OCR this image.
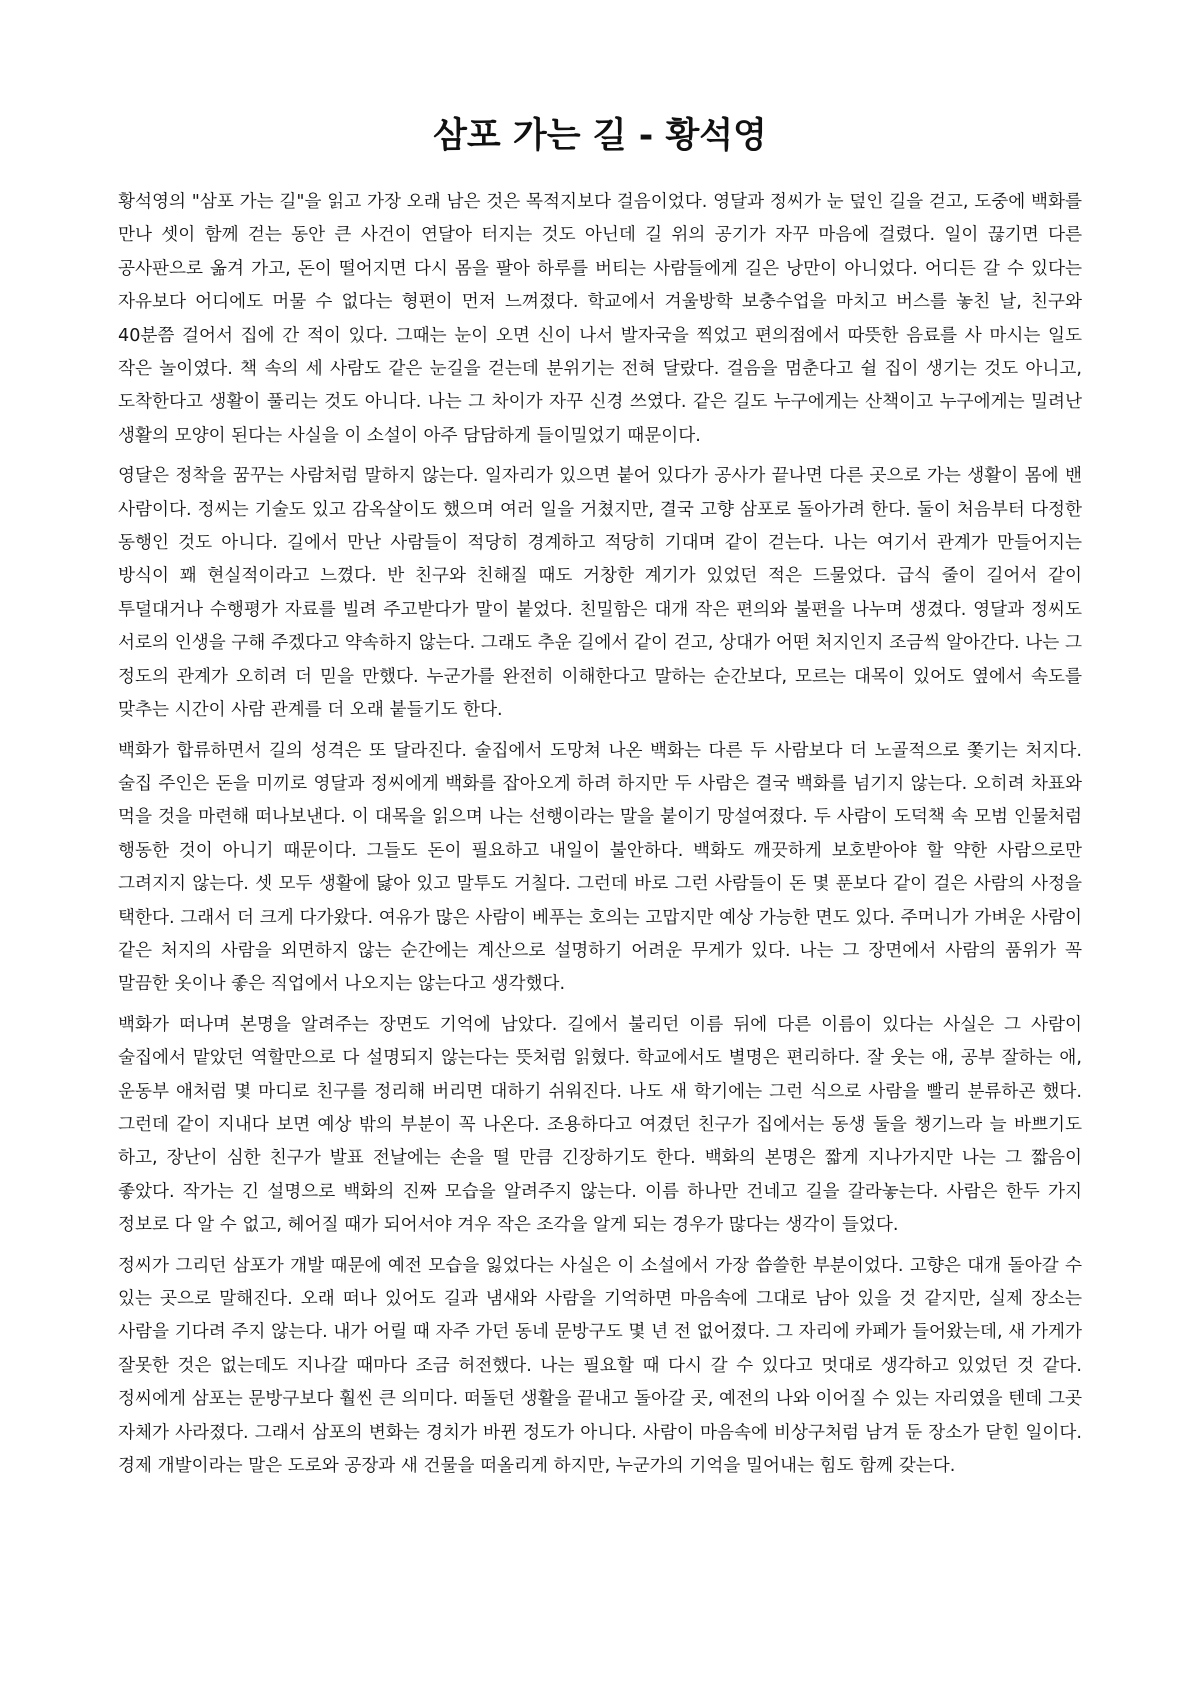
삼포 가는 길 - 황석영

황석영의 "삼포 가는 길"을 읽고 가장 오래 남은 것은 목적지보다 걸음이었다. 영달과 정씨가 눈 덮인 길을 걷고, 도중에 백화를 만나 셋이 함께 걷는 동안 큰 사건이 연달아 터지는 것도 아닌데 길 위의 공기가 자꾸 마음에 걸렸다. 일이 끊기면 다른 공사판으로 옮겨 가고, 돈이 떨어지면 다시 몸을 팔아 하루를 버티는 사람들에게 길은 낭만이 아니었다. 어디든 갈 수 있다는 자유보다 어디에도 머물 수 없다는 형편이 먼저 느껴졌다. 학교에서 겨울방학 보충수업을 마치고 버스를 놓친 날, 친구와 40분쯤 걸어서 집에 간 적이 있다. 그때는 눈이 오면 신이 나서 발자국을 찍었고 편의점에서 따뜻한 음료를 사 마시는 일도 작은 놀이였다. 책 속의 세 사람도 같은 눈길을 걷는데 분위기는 전혀 달랐다. 걸음을 멈춘다고 쉴 집이 생기는 것도 아니고, 도착한다고 생활이 풀리는 것도 아니다. 나는 그 차이가 자꾸 신경 쓰였다. 같은 길도 누구에게는 산책이고 누구에게는 밀려난 생활의 모양이 된다는 사실을 이 소설이 아주 담담하게 들이밀었기 때문이다.

영달은 정착을 꿈꾸는 사람처럼 말하지 않는다. 일자리가 있으면 붙어 있다가 공사가 끝나면 다른 곳으로 가는 생활이 몸에 밴 사람이다. 정씨는 기술도 있고 감옥살이도 했으며 여러 일을 거쳤지만, 결국 고향 삼포로 돌아가려 한다. 둘이 처음부터 다정한 동행인 것도 아니다. 길에서 만난 사람들이 적당히 경계하고 적당히 기대며 같이 걷는다. 나는 여기서 관계가 만들어지는 방식이 꽤 현실적이라고 느꼈다. 반 친구와 친해질 때도 거창한 계기가 있었던 적은 드물었다. 급식 줄이 길어서 같이 투덜대거나 수행평가 자료를 빌려 주고받다가 말이 붙었다. 친밀함은 대개 작은 편의와 불편을 나누며 생겼다. 영달과 정씨도 서로의 인생을 구해 주겠다고 약속하지 않는다. 그래도 추운 길에서 같이 걷고, 상대가 어떤 처지인지 조금씩 알아간다. 나는 그 정도의 관계가 오히려 더 믿을 만했다. 누군가를 완전히 이해한다고 말하는 순간보다, 모르는 대목이 있어도 옆에서 속도를 맞추는 시간이 사람 관계를 더 오래 붙들기도 한다.

백화가 합류하면서 길의 성격은 또 달라진다. 술집에서 도망쳐 나온 백화는 다른 두 사람보다 더 노골적으로 쫓기는 처지다. 술집 주인은 돈을 미끼로 영달과 정씨에게 백화를 잡아오게 하려 하지만 두 사람은 결국 백화를 넘기지 않는다. 오히려 차표와 먹을 것을 마련해 떠나보낸다. 이 대목을 읽으며 나는 선행이라는 말을 붙이기 망설여졌다. 두 사람이 도덕책 속 모범 인물처럼 행동한 것이 아니기 때문이다. 그들도 돈이 필요하고 내일이 불안하다. 백화도 깨끗하게 보호받아야 할 약한 사람으로만 그려지지 않는다. 셋 모두 생활에 닳아 있고 말투도 거칠다. 그런데 바로 그런 사람들이 돈 몇 푼보다 같이 걸은 사람의 사정을 택한다. 그래서 더 크게 다가왔다. 여유가 많은 사람이 베푸는 호의는 고맙지만 예상 가능한 면도 있다. 주머니가 가벼운 사람이 같은 처지의 사람을 외면하지 않는 순간에는 계산으로 설명하기 어려운 무게가 있다. 나는 그 장면에서 사람의 품위가 꼭 말끔한 옷이나 좋은 직업에서 나오지는 않는다고 생각했다.

백화가 떠나며 본명을 알려주는 장면도 기억에 남았다. 길에서 불리던 이름 뒤에 다른 이름이 있다는 사실은 그 사람이 술집에서 맡았던 역할만으로 다 설명되지 않는다는 뜻처럼 읽혔다. 학교에서도 별명은 편리하다. 잘 웃는 애, 공부 잘하는 애, 운동부 애처럼 몇 마디로 친구를 정리해 버리면 대하기 쉬워진다. 나도 새 학기에는 그런 식으로 사람을 빨리 분류하곤 했다. 그런데 같이 지내다 보면 예상 밖의 부분이 꼭 나온다. 조용하다고 여겼던 친구가 집에서는 동생 둘을 챙기느라 늘 바쁘기도 하고, 장난이 심한 친구가 발표 전날에는 손을 떨 만큼 긴장하기도 한다. 백화의 본명은 짧게 지나가지만 나는 그 짧음이 좋았다. 작가는 긴 설명으로 백화의 진짜 모습을 알려주지 않는다. 이름 하나만 건네고 길을 갈라놓는다. 사람은 한두 가지 정보로 다 알 수 없고, 헤어질 때가 되어서야 겨우 작은 조각을 알게 되는 경우가 많다는 생각이 들었다.

정씨가 그리던 삼포가 개발 때문에 예전 모습을 잃었다는 사실은 이 소설에서 가장 씁쓸한 부분이었다. 고향은 대개 돌아갈 수 있는 곳으로 말해진다. 오래 떠나 있어도 길과 냄새와 사람을 기억하면 마음속에 그대로 남아 있을 것 같지만, 실제 장소는 사람을 기다려 주지 않는다. 내가 어릴 때 자주 가던 동네 문방구도 몇 년 전 없어졌다. 그 자리에 카페가 들어왔는데, 새 가게가 잘못한 것은 없는데도 지나갈 때마다 조금 허전했다. 나는 필요할 때 다시 갈 수 있다고 멋대로 생각하고 있었던 것 같다. 정씨에게 삼포는 문방구보다 훨씬 큰 의미다. 떠돌던 생활을 끝내고 돌아갈 곳, 예전의 나와 이어질 수 있는 자리였을 텐데 그곳 자체가 사라졌다. 그래서 삼포의 변화는 경치가 바뀐 정도가 아니다. 사람이 마음속에 비상구처럼 남겨 둔 장소가 닫힌 일이다. 경제 개발이라는 말은 도로와 공장과 새 건물을 떠올리게 하지만, 누군가의 기억을 밀어내는 힘도 함께 갖는다.
